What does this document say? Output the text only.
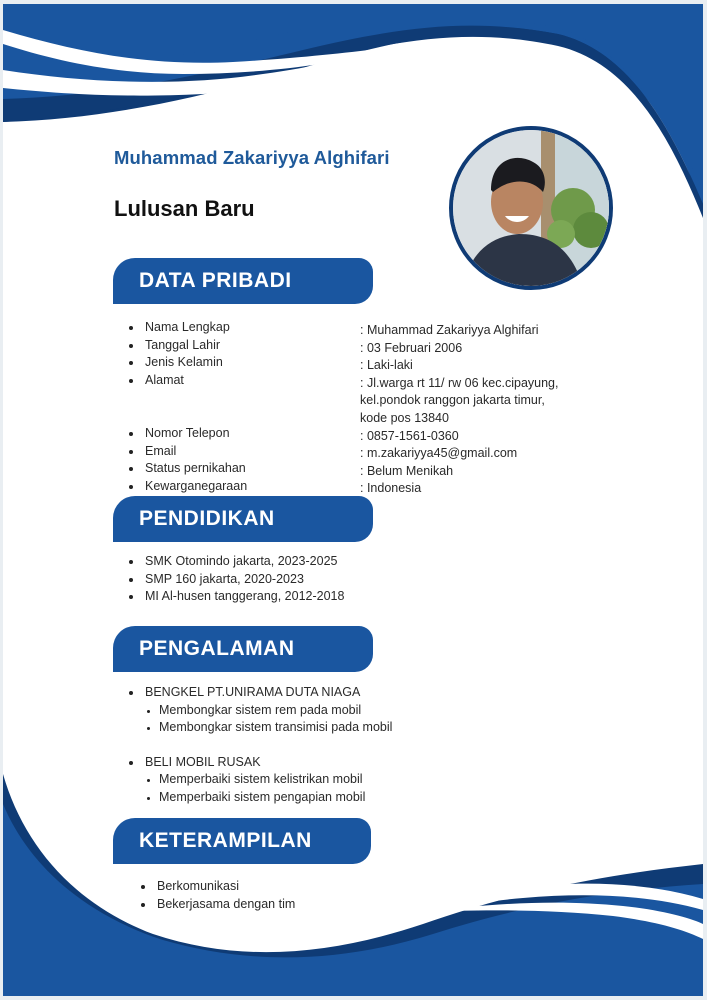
Muhammad Zakariyya Alghifari
Lulusan Baru
DATA PRIBADI
Nama Lengkap
Tanggal Lahir
Jenis Kelamin
Alamat
Nomor Telepon
Email
Status pernikahan
Kewarganegaraan
: Muhammad Zakariyya Alghifari
: 03 Februari 2006
: Laki-laki
: Jl.warga rt 11/ rw 06 kec.cipayung,
kel.pondok ranggon jakarta timur,
kode pos 13840
: 0857-1561-0360
: m.zakariyya45@gmail.com
: Belum Menikah
: Indonesia
PENDIDIKAN
SMK Otomindo jakarta, 2023-2025
SMP 160 jakarta, 2020-2023
MI Al-husen tanggerang, 2012-2018
PENGALAMAN
BENGKEL PT.UNIRAMA DUTA NIAGA
Membongkar sistem rem pada mobil
Membongkar sistem transimisi pada mobil
BELI MOBIL RUSAK
Memperbaiki sistem kelistrikan mobil
Memperbaiki sistem pengapian mobil
KETERAMPILAN
Berkomunikasi
Bekerjasama dengan tim
